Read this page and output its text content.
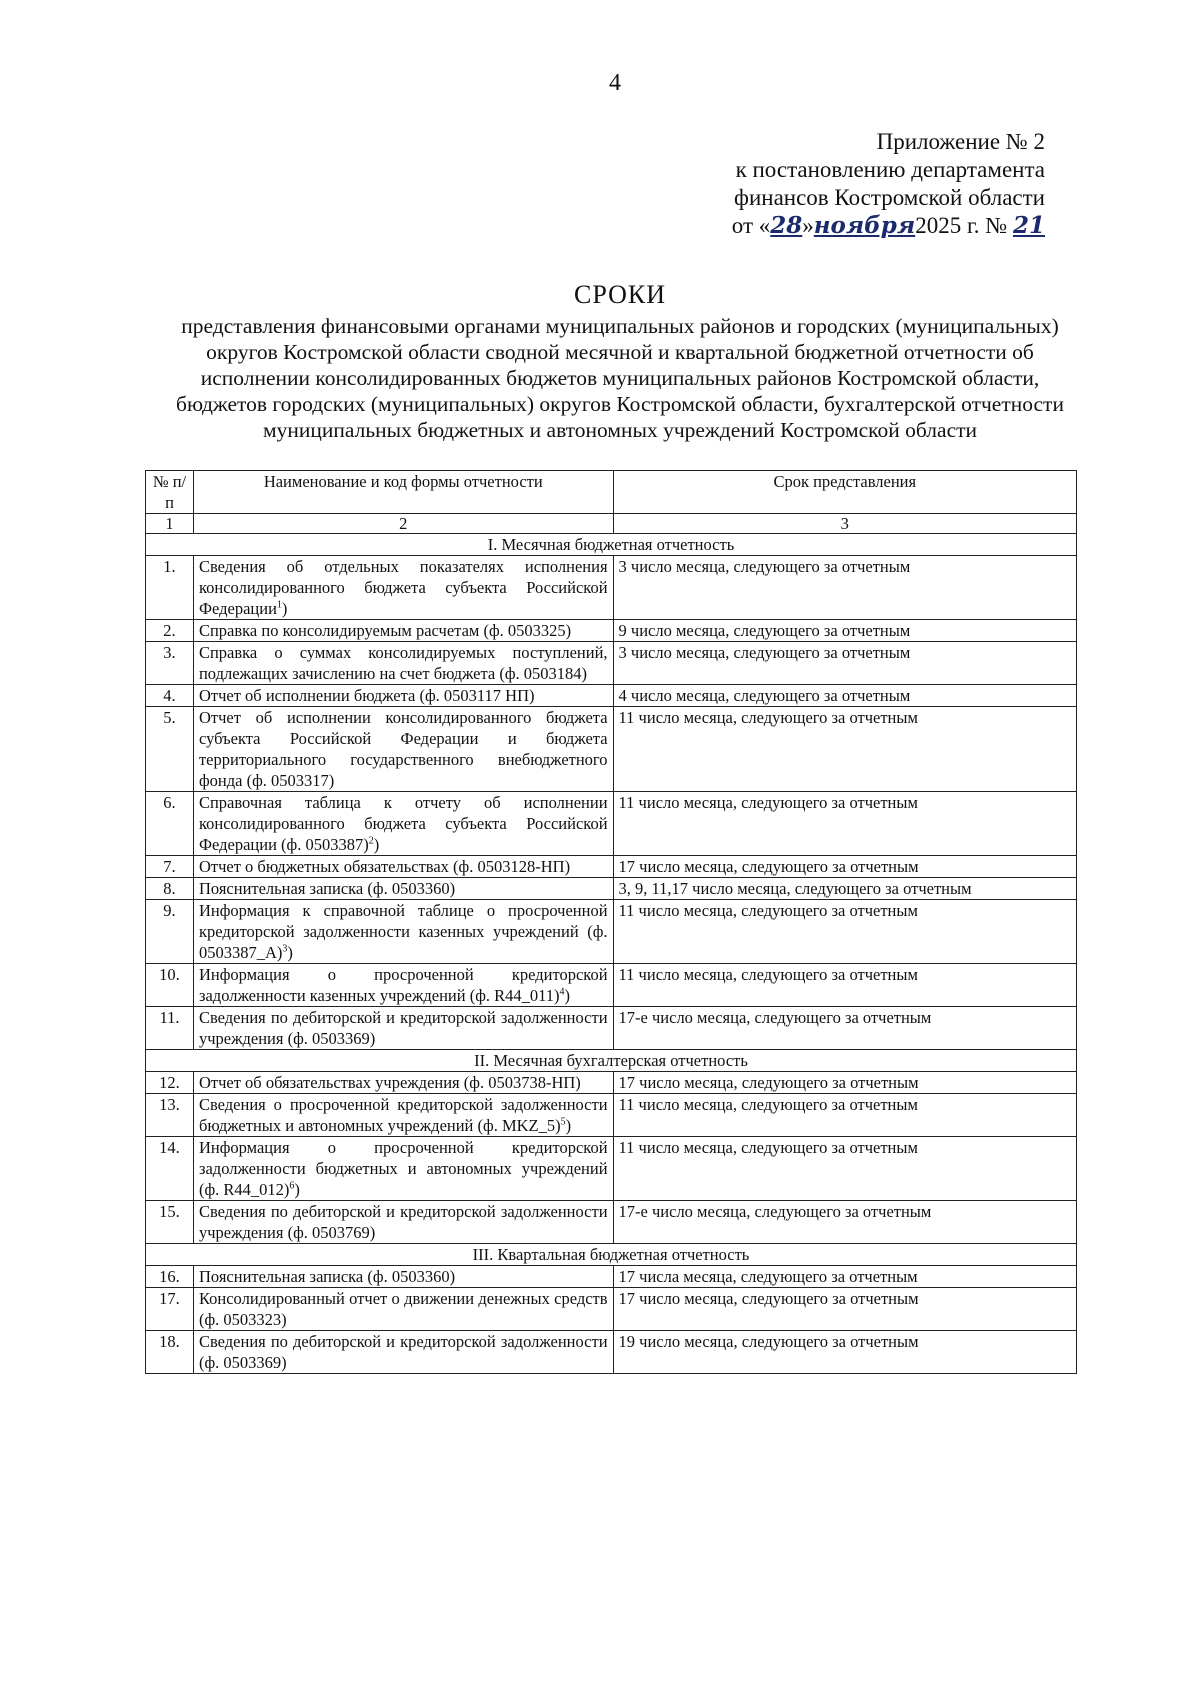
4
Приложение № 2
к постановлению департамента
финансов Костромской области
от «28»ноября2025 г. № 21
СРОКИ
представления финансовыми органами муниципальных районов и городских (муниципальных)
округов Костромской области сводной месячной и квартальной бюджетной отчетности об
исполнении консолидированных бюджетов муниципальных районов Костромской области,
бюджетов городских (муниципальных) округов Костромской области, бухгалтерской отчетности
муниципальных бюджетных и автономных учреждений Костромской области
№ п/п	Наименование и код формы отчетности	Срок представления
1	2	3
I. Месячная бюджетная отчетность		
1.	Сведения об отдельных показателях исполнения консолидированного бюджета субъекта Российской Федерации$^1$)	3 число месяца, следующего за отчетным
2.	Справка по консолидируемым расчетам (ф. 0503325)	9 число месяца, следующего за отчетным
3.	Справка о суммах консолидируемых поступлений, подлежащих зачислению на счет бюджета (ф. 0503184)	3 число месяца, следующего за отчетным
4.	Отчет об исполнении бюджета (ф. 0503117 НП)	4 число месяца, следующего за отчетным
5.	Отчет об исполнении консолидированного бюджета субъекта Российской Федерации и бюджета территориального государственного внебюджетного фонда (ф. 0503317)	11 число месяца, следующего за отчетным
6.	Справочная таблица к отчету об исполнении консолидированного бюджета субъекта Российской Федерации (ф. 0503387)$^2$)	11 число месяца, следующего за отчетным
7.	Отчет о бюджетных обязательствах (ф. 0503128-НП)	17 число месяца, следующего за отчетным
8.	Пояснительная записка (ф. 0503360)	3, 9, 11,17 число месяца, следующего за отчетным
9.	Информация к справочной таблице о просроченной кредиторской задолженности казенных учреждений (ф. 0503387_А)$^3$)	11 число месяца, следующего за отчетным
10.	Информация о просроченной кредиторской задолженности казенных учреждений (ф. R44_011)$^4$)	11 число месяца, следующего за отчетным
11.	Сведения по дебиторской и кредиторской задолженности учреждения (ф. 0503369)	17-е число месяца, следующего за отчетным
II. Месячная бухгалтерская отчетность		
12.	Отчет об обязательствах учреждения (ф. 0503738-НП)	17 число месяца, следующего за отчетным
13.	Сведения о просроченной кредиторской задолженности бюджетных и автономных учреждений (ф. MKZ_5)$^5$)	11 число месяца, следующего за отчетным
14.	Информация о просроченной кредиторской задолженности бюджетных и автономных учреждений (ф. R44_012)$^6$)	11 число месяца, следующего за отчетным
15.	Сведения по дебиторской и кредиторской задолженности учреждения (ф. 0503769)	17-е число месяца, следующего за отчетным
III. Квартальная бюджетная отчетность		
16.	Пояснительная записка (ф. 0503360)	17 числа месяца, следующего за отчетным
17.	Консолидированный отчет о движении денежных средств (ф. 0503323)	17 число месяца, следующего за отчетным
18.	Сведения по дебиторской и кредиторской задолженности (ф. 0503369)	19 число месяца, следующего за отчетным
